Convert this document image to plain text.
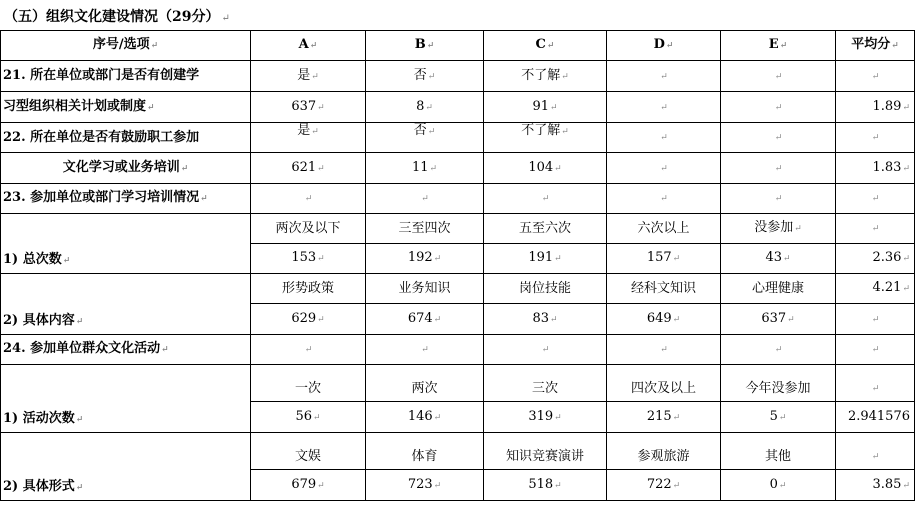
（五）组织文化建设情况（29分） ↵
序号/选项↵	A↵	B↵	C↵	D↵	E↵	平均分↵
21. 所在单位或部门是否有创建学	是↵	否↵	不了解↵	↵	↵	↵
习型组织相关计划或制度↵	637↵	8↵	91↵	↵	↵	1.89↵
22. 所在单位是否有鼓励职工参加	是↵	否↵	不了解↵	↵	↵	↵
文化学习或业务培训↵	621↵	11↵	104↵	↵	↵	1.83↵
23. 参加单位或部门学习培训情况↵	↵	↵	↵	↵	↵	↵
1) 总次数↵	两次及以下	三至四次	五至六次	六次以上	没参加↵	↵
	153↵	192↵	191↵	157↵	43↵	2.36↵
2) 具体内容↵	形势政策	业务知识	岗位技能	经科文知识	心理健康	4.21↵
	629↵	674↵	83↵	649↵	637↵	↵
24. 参加单位群众文化活动↵	↵	↵	↵	↵	↵	↵
1) 活动次数↵	一次	两次	三次	四次及以上	今年没参加	↵
	56↵	146↵	319↵	215↵	5↵	2.941576
2) 具体形式↵	文娱	体育	知识竞赛演讲	参观旅游	其他	↵
	679↵	723↵	518↵	722↵	0↵	3.85↵
